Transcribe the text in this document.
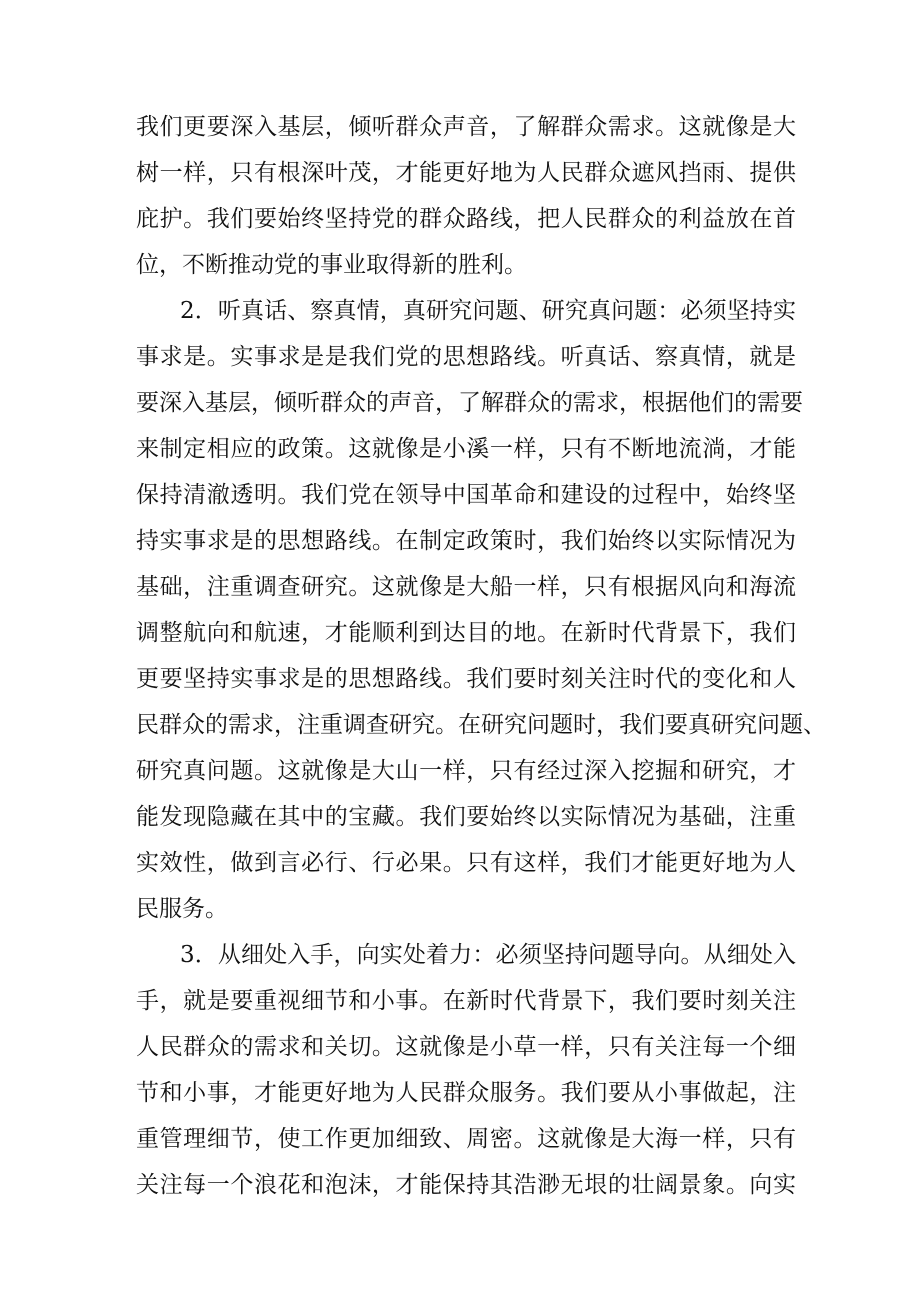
我们更要深入基层，倾听群众声音，了解群众需求。这就像是大
树一样，只有根深叶茂，才能更好地为人民群众遮风挡雨、提供
庇护。我们要始终坚持党的群众路线，把人民群众的利益放在首
位，不断推动党的事业取得新的胜利。
2．听真话、察真情，真研究问题、研究真问题：必须坚持实
事求是。实事求是是我们党的思想路线。听真话、察真情，就是
要深入基层，倾听群众的声音，了解群众的需求，根据他们的需要
来制定相应的政策。这就像是小溪一样，只有不断地流淌，才能
保持清澈透明。我们党在领导中国革命和建设的过程中，始终坚
持实事求是的思想路线。在制定政策时，我们始终以实际情况为
基础，注重调查研究。这就像是大船一样，只有根据风向和海流
调整航向和航速，才能顺利到达目的地。在新时代背景下，我们
更要坚持实事求是的思想路线。我们要时刻关注时代的变化和人
民群众的需求，注重调查研究。在研究问题时，我们要真研究问题、
研究真问题。这就像是大山一样，只有经过深入挖掘和研究，才
能发现隐藏在其中的宝藏。我们要始终以实际情况为基础，注重
实效性，做到言必行、行必果。只有这样，我们才能更好地为人
民服务。
3．从细处入手，向实处着力：必须坚持问题导向。从细处入
手，就是要重视细节和小事。在新时代背景下，我们要时刻关注
人民群众的需求和关切。这就像是小草一样，只有关注每一个细
节和小事，才能更好地为人民群众服务。我们要从小事做起，注
重管理细节，使工作更加细致、周密。这就像是大海一样，只有
关注每一个浪花和泡沫，才能保持其浩渺无垠的壮阔景象。向实
